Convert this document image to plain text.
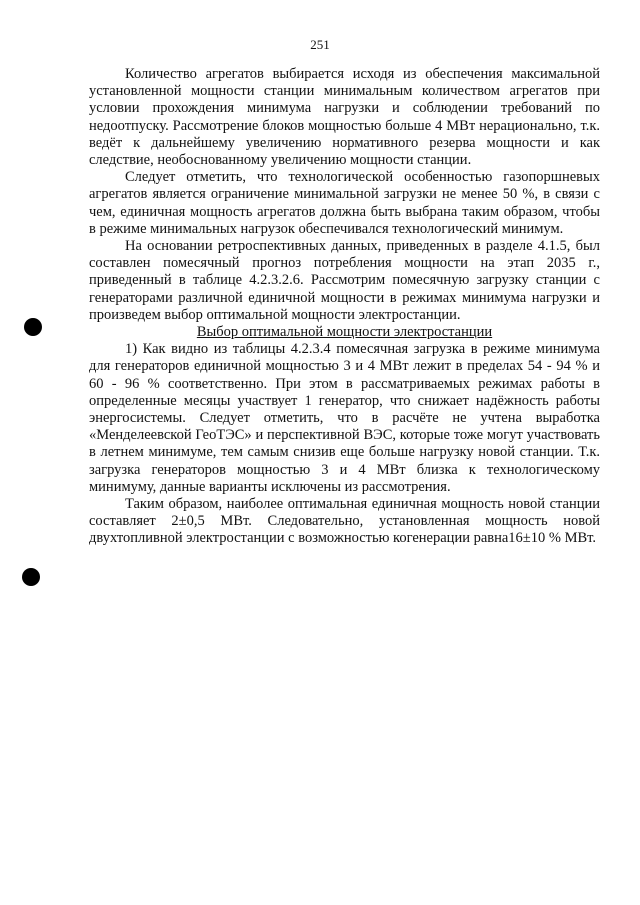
251

Количество агрегатов выбирается исходя из обеспечения максимальной установленной мощности станции минимальным количеством агрегатов при условии прохождения минимума нагрузки и соблюдении требований по недоотпуску. Рассмотрение блоков мощностью больше 4 МВт нерационально, т.к. ведёт к дальнейшему увеличению нормативного резерва мощности и как следствие, необоснованному увеличению мощности станции.

Следует отметить, что технологической особенностью газопоршневых агрегатов является ограничение минимальной загрузки не менее 50 %, в связи с чем, единичная мощность агрегатов должна быть выбрана таким образом, чтобы в режиме минимальных нагрузок обеспечивался технологический минимум.

На основании ретроспективных данных, приведенных в разделе 4.1.5, был составлен помесячный прогноз потребления мощности на этап 2035 г., приведенный в таблице 4.2.3.2.6. Рассмотрим помесячную загрузку станции с генераторами различной единичной мощности в режимах минимума нагрузки и произведем выбор оптимальной мощности электростанции.

Выбор оптимальной мощности электростанции

1) Как видно из таблицы 4.2.3.4 помесячная загрузка в режиме минимума для генераторов единичной мощностью 3 и 4 МВт лежит в пределах 54 - 94 % и 60 - 96 % соответственно. При этом в рассматриваемых режимах работы в определенные месяцы участвует 1 генератор, что снижает надёжность работы энергосистемы. Следует отметить, что в расчёте не учтена выработка «Менделеевской ГеоТЭС» и перспективной ВЭС, которые тоже могут участвовать в летнем минимуме, тем самым снизив еще больше нагрузку новой станции. Т.к. загрузка генераторов мощностью 3 и 4 МВт близка к технологическому минимуму, данные варианты исключены из рассмотрения.

Таким образом, наиболее оптимальная единичная мощность новой станции составляет 2±0,5 МВт. Следовательно, установленная мощность новой двухтопливной электростанции с возможностью когенерации равна16±10 % МВт.
